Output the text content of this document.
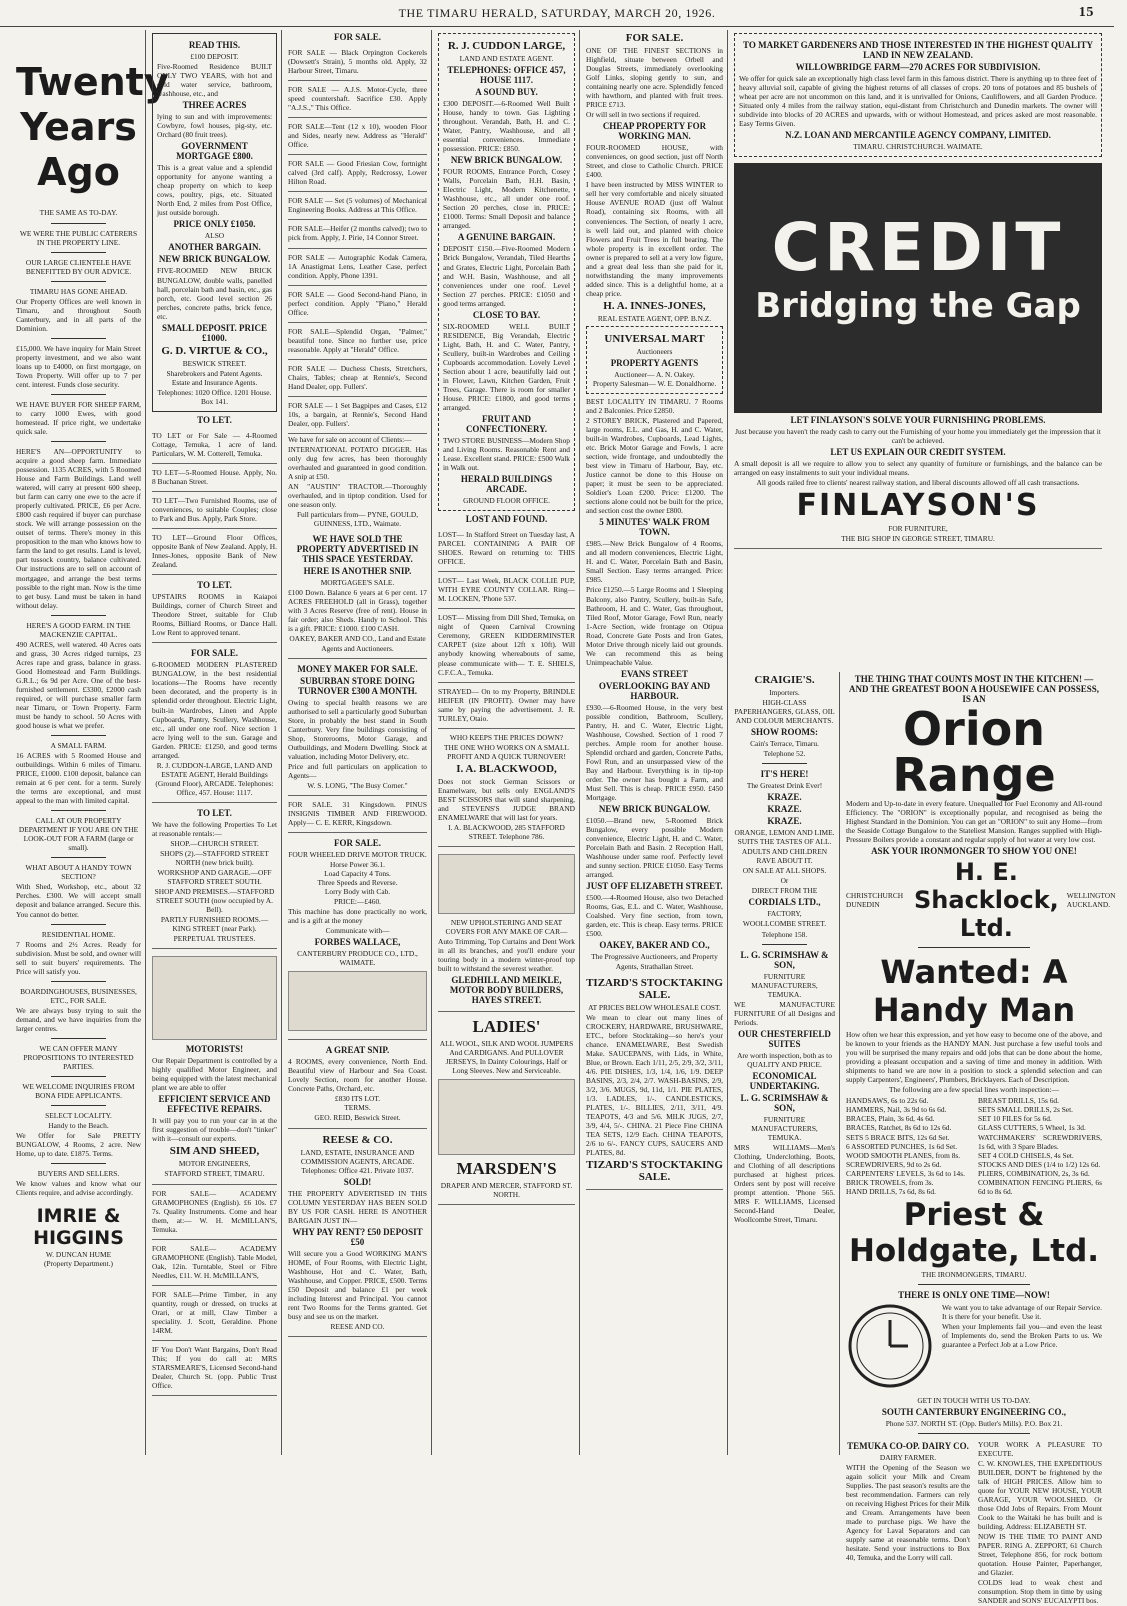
THE TIMARU HERALD, SATURDAY, MARCH 20, 1926.	15
Twenty
Years
Ago
THE SAME AS TO-DAY.
WE WERE THE PUBLIC CATERERS IN THE PROPERTY LINE.
OUR LARGE CLIENTELE HAVE BENEFITTED BY OUR ADVICE.
TIMARU HAS GONE AHEAD.
Our Property Offices are well known in Timaru, and throughout South Canterbury, and in all parts of the Dominion.
£15,000. We have inquiry for Main Street property investment, and we also want loans up to £4000, on first mortgage, on Town Property. Will offer up to 7 per cent. interest. Funds close security.
WE HAVE BUYER FOR SHEEP FARM, to carry 1000 Ewes, with good homestead. If price right, we undertake quick sale.
HERE'S AN—OPPORTUNITY to acquire a good sheep farm. Immediate possession. 1135 ACRES, with 5 Roomed House and Farm Buildings. Land well watered, will carry at present 600 sheep, but farm can carry one ewe to the acre if properly cultivated. PRICE, £6 per Acre. £800 cash required if buyer can purchase stock. We will arrange possession on the outset of terms. There's money in this proposition to the man who knows how to farm the land to get results. Land is level, part tussock country, balance cultivated. Our instructions are to sell on account of mortgagee, and arrange the best terms possible to the right man. Now is the time to get busy. Land must be taken in hand without delay.
HERE'S A GOOD FARM. IN THE MACKENZIE CAPITAL.
490 ACRES, well watered. 40 Acres oats and grass, 30 Acres ridged turnips, 23 Acres rape and grass, balance in grass. Good Homestead and Farm Buildings. G.R.L.; 6s 9d per Acre. One of the best-furnished settlement. £3300, £2000 cash required, or will purchase smaller farm near Timaru, or Town Property. Farm must be handy to school. 50 Acres with good house is what we prefer.
A SMALL FARM.
16 ACRES with 5 Roomed House and outbuildings. Within 6 miles of Timaru. PRICE, £1000. £100 deposit, balance can remain at 6 per cent. for a term. Surely the terms are exceptional, and must appeal to the man with limited capital.
CALL AT OUR PROPERTY DEPARTMENT IF YOU ARE ON THE LOOK-OUT FOR A FARM (large or small).
WHAT ABOUT A HANDY TOWN SECTION?
With Shed, Workshop, etc., about 32 Perches. £300. We will accept small deposit and balance arranged. Secure this. You cannot do better.
RESIDENTIAL HOME.
7 Rooms and 2½ Acres. Ready for subdivision. Must be sold, and owner will sell to suit buyers' requirements. The Price will satisfy you.
BOARDINGHOUSES, BUSINESSES, ETC., FOR SALE.
We are always busy trying to suit the demand, and we have inquiries from the larger centres.
WE CAN OFFER MANY PROPOSITIONS TO INTERESTED PARTIES.
WE WELCOME INQUIRIES FROM BONA FIDE APPLICANTS.
SELECT LOCALITY.
Handy to the Beach.
We Offer for Sale PRETTY BUNGALOW, 4 Rooms, 2 acre. New Home, up to date. £1875. Terms.
BUYERS AND SELLERS.
We know values and know what our Clients require, and advise accordingly.
IMRIE & HIGGINS
W. DUNCAN HUME
(Property Department.)
READ THIS.
£100 DEPOSIT.
Five-Roomed Residence BUILT ONLY TWO YEARS, with hot and cold water service, bathroom, washhouse, etc., and
THREE ACRES
lying to sun and with improvements: Cowbyre, fowl houses, pig-sty, etc. Orchard (80 fruit trees).
GOVERNMENT MORTGAGE £800.
This is a great value and a splendid opportunity for anyone wanting a cheap property on which to keep cows, poultry, pigs, etc. Situated North End, 2 miles from Post Office, just outside borough.
PRICE ONLY £1050.
ALSO
ANOTHER BARGAIN.
NEW BRICK BUNGALOW.
FIVE-ROOMED NEW BRICK BUNGALOW, double walls, panelled hall, porcelain bath and basin, etc., gas porch, etc. Good level section 26 perches, concrete paths, brick fence, etc.
SMALL DEPOSIT. PRICE £1000.
G. D. VIRTUE & CO.,
BESWICK STREET.
Sharebrokers and Patent Agents. Estate and Insurance Agents.
Telephones: 1020 Office. 1201 House. Box 141.
TO LET.
TO LET or For Sale — 4-Roomed Cottage, Temuka, 1 acre of land. Particulars, W. M. Cotterell, Temuka.
TO LET—5-Roomed House. Apply, No. 8 Buchanan Street.
TO LET—Two Furnished Rooms, use of conveniences, to suitable Couples; close to Park and Bus. Apply, Park Store.
TO LET—Ground Floor Offices, opposite Bank of New Zealand. Apply, H. Innes-Jones, opposite Bank of New Zealand.
TO LET.
UPSTAIRS ROOMS in Kaiapoi Buildings, corner of Church Street and Theodore Street, suitable for Club Rooms, Billiard Rooms, or Dance Hall. Low Rent to approved tenant.
FOR SALE.
6-ROOMED MODERN PLASTERED BUNGALOW, in the best residential locations—The Rooms have recently been decorated, and the property is in splendid order throughout. Electric Light, built-in Wardrobes, Linen and Apple Cupboards, Pantry, Scullery, Washhouse, etc., all under one roof. Nice section 1 acre lying well to the sun. Garage and Garden. PRICE: £1250, and good terms arranged.
R. J. CUDDON-LARGE, LAND AND ESTATE AGENT, Herald Buildings (Ground Floor), ARCADE. Telephones: Office, 457. House: 1117.
TO LET.
We have the following Properties To Let at reasonable rentals:—
SHOP.—CHURCH STREET.
SHOPS (2).—STAFFORD STREET NORTH (new brick built).
WORKSHOP AND GARAGE.—OFF STAFFORD STREET SOUTH.
SHOP AND PREMISES.—STAFFORD STREET SOUTH (now occupied by A. Bell).
PARTLY FURNISHED ROOMS.—KING STREET (near Park).
PERPETUAL TRUSTEES.
MOTORISTS!
Our Repair Department is controlled by a highly qualified Motor Engineer, and being equipped with the latest mechanical plant we are able to offer
EFFICIENT SERVICE AND EFFECTIVE REPAIRS.
It will pay you to run your car in at the first suggestion of trouble—don't "tinker" with it—consult our experts.
SIM AND SHEED,
MOTOR ENGINEERS,
STAFFORD STREET, TIMARU.
FOR SALE— ACADEMY GRAMOPHONES (English). £6 10s. £7 7s. Quality Instruments. Come and hear them, at:— W. H. McMILLAN'S, Temuka.
FOR SALE— ACADEMY GRAMOPHONE (English). Table Model, Oak, 12in. Turntable, Steel or Fibre Needles, £11. W. H. McMILLAN'S,
FOR SALE—Prime Timber, in any quantity, rough or dressed, on trucks at Orari, or at mill, Claw Timber a speciality. J. Scott, Geraldine. Phone 14RM.
IF You Don't Want Bargains, Don't Read This; If you do call at: MRS STARSMEARE'S, Licensed Second-hand Dealer, Church St. (opp. Public Trust Office.
FOR SALE.
FOR SALE — Black Orpington Cockerels (Dowsett's Strain), 5 months old. Apply, 32 Harbour Street, Timaru.
FOR SALE — A.J.S. Motor-Cycle, three speed countershaft. Sacrifice £30. Apply "A.J.S.," This Office.
FOR SALE—Tent (12 x 10), wooden Floor and Sides, nearly new. Address as "Herald" Office.
FOR SALE — Good Friesian Cow, fortnight calved (3rd calf). Apply, Redcrossy, Lower Hilton Road.
FOR SALE — Set (5 volumes) of Mechanical Engineering Books. Address at This Office.
FOR SALE—Heifer (2 months calved); two to pick from. Apply, J. Pirie, 14 Connor Street.
FOR SALE — Autographic Kodak Camera, 1A Anastigmat Lens, Leather Case, perfect condition. Apply, Phone 1391.
FOR SALE — Good Second-hand Piano, in perfect condition. Apply "Piano," Herald Office.
FOR SALE—Splendid Organ, "Palmer," beautiful tone. Since no further use, price reasonable. Apply at "Herald" Office.
FOR SALE — Duchess Chests, Stretchers, Chairs, Tables; cheap at Rennie's, Second Hand Dealer, opp. Fullers'.
FOR SALE — 1 Set Bagpipes and Cases, £12 10s, a bargain, at Rennie's, Second Hand Dealer, opp. Fullers'.
We have for sale on account of Clients:—
INTERNATIONAL POTATO DIGGER. Has only dug few acres, has been thoroughly overhauled and guaranteed in good condition. A snip at £50.
AN "AUSTIN" TRACTOR.—Thoroughly overhauled, and in tiptop condition. Used for one season only.
Full particulars from— PYNE, GOULD, GUINNESS, LTD., Waimate.
WE HAVE SOLD THE PROPERTY ADVERTISED IN THIS SPACE YESTERDAY.
HERE IS ANOTHER SNIP.
MORTGAGEE'S SALE.
£100 Down. Balance 6 years at 6 per cent. 17 ACRES FREEHOLD (all in Grass), together with 3 Acres Reserve (free of rent). House in fair order; also Sheds. Handy to School. This is a gift. PRICE: £1000. £100 CASH.
OAKEY, BAKER AND CO., Land and Estate Agents and Auctioneers.
MONEY MAKER FOR SALE.
SUBURBAN STORE DOING TURNOVER £300 A MONTH.
Owing to special health reasons we are authorised to sell a particularly good Suburban Store, in probably the best stand in South Canterbury. Very fine buildings consisting of Shop, Storerooms, Motor Garage, and Outbuildings, and Modern Dwelling. Stock at valuation, including Motor Delivery, etc.
Price and full particulars on application to Agents—
W. S. LONG, "The Busy Corner."
FOR SALE. 31 Kingsdown. PINUS INSIGNIS TIMBER AND FIREWOOD. Apply— C. E. KERR, Kingsdown.
FOR SALE.
FOUR WHEELED DRIVE MOTOR TRUCK.
Horse Power 36.1.
Load Capacity 4 Tons.
Three Speeds and Reverse.
Lorry Body with Cab.
PRICE:—£460.
This machine has done practically no work, and is a gift at the money
Communicate with—
FORBES WALLACE,
CANTERBURY PRODUCE CO., LTD., WAIMATE.
A GREAT SNIP.
4 ROOMS, every convenience, North End. Beautiful view of Harbour and Sea Coast. Lovely Section, room for another House. Concrete Paths, Orchard, etc.
£830 ITS LOT.
TERMS.
GEO. REID, Beswick Street.
REESE & CO.
LAND, ESTATE, INSURANCE AND COMMISSION AGENTS, ARCADE. Telephones: Office 421. Private 1037.
SOLD!
THE PROPERTY ADVERTISED IN THIS COLUMN YESTERDAY HAS BEEN SOLD BY US FOR CASH. HERE IS ANOTHER BARGAIN JUST IN—
WHY PAY RENT? £50 DEPOSIT £50
Will secure you a Good WORKING MAN'S HOME, of Four Rooms, with Electric Light, Washhouse, Hot and C. Water, Bath, Washhouse, and Copper. PRICE, £500. Terms £50 Deposit and balance £1 per week including Interest and Principal. You cannot rent Two Rooms for the Terms granted. Get busy and see us on the market.
REESE AND CO.
R. J. CUDDON LARGE,
LAND AND ESTATE AGENT.
TELEPHONES: OFFICE 457, HOUSE 1117.
A SOUND BUY.
£300 DEPOSIT.—6-Roomed Well Built House, handy to town. Gas Lighting throughout. Verandah, Bath, H. and C. Water, Pantry, Washhouse, and all essential conveniences. Immediate possession. PRICE: £850.
NEW BRICK BUNGALOW.
FOUR ROOMS, Entrance Porch, Cosey Walls, Porcelain Bath, H.H. Basin, Electric Light, Modern Kitchenette, Washhouse, etc., all under one roof. Section 20 perches, close in. PRICE: £1000. Terms: Small Deposit and balance arranged.
A GENUINE BARGAIN.
DEPOSIT £150.—Five-Roomed Modern Brick Bungalow, Verandah, Tiled Hearths and Grates, Electric Light, Porcelain Bath and W.H. Basin, Washhouse, and all conveniences under one roof. Level Section 27 perches. PRICE: £1050 and good terms arranged.
CLOSE TO BAY.
SIX-ROOMED WELL BUILT RESIDENCE, Big Verandah, Electric Light, Bath, H. and C. Water, Pantry, Scullery, built-in Wardrobes and Ceiling Cupboards accommodation. Lovely Level Section about 1 acre, beautifully laid out in Flower, Lawn, Kitchen Garden, Fruit Trees, Garage. There is room for smaller House. PRICE: £1800, and good terms arranged.
FRUIT AND CONFECTIONERY.
TWO STORE BUSINESS—Modern Shop and Living Rooms. Reasonable Rent and Lease. Excellent stand. PRICE: £500 Walk in Walk out.
HERALD BUILDINGS ARCADE.
GROUND FLOOR OFFICE.
LOST AND FOUND.
LOST— In Stafford Street on Tuesday last, A PARCEL CONTAINING A PAIR OF SHOES. Reward on returning to: THIS OFFICE.
LOST— Last Week, BLACK COLLIE PUP, WITH EYRE COUNTY COLLAR. Ring— M. LOCKEN, 'Phone 537.
LOST— Missing from Dill Shed, Temuka, on night of Queen Carnival Crowning Ceremony, GREEN KIDDERMINSTER CARPET (size about 12ft x 10ft). Will anybody knowing whereabouts of same, please communicate with— T. E. SHIELS, C.F.C.A., Temuka.
STRAYED— On to my Property, BRINDLE HEIFER (IN PROFIT). Owner may have same by paying the advertisement. J. R. TURLEY, Otaio.
WHO KEEPS THE PRICES DOWN?
THE ONE WHO WORKS ON A SMALL PROFIT AND A QUICK TURNOVER!
I. A. BLACKWOOD,
Does not stock German Scissors or Enamelware, but sells only ENGLAND'S BEST SCISSORS that will stand sharpening, and STEVENS'S JUDGE BRAND ENAMELWARE that will last for years.
I. A. BLACKWOOD, 285 STAFFORD STREET. Telephone 786.
NEW UPHOLSTERING AND SEAT COVERS FOR ANY MAKE OF CAR—
Auto Trimming, Top Curtains and Dent Work in all its branches, and you'll endure your touring body in a modern winter-proof top built to withstand the severest weather.
GLEDHILL AND MEIKLE, MOTOR BODY BUILDERS, HAYES STREET.
LADIES'
ALL WOOL, SILK AND WOOL JUMPERS And CARDIGANS. And PULLOVER JERSEYS, In Dainty Colourings, Half or Long Sleeves. New and Serviceable.
MARSDEN'S
DRAPER AND MERCER, STAFFORD ST. NORTH.
FOR SALE.
ONE OF THE FINEST SECTIONS in Highfield, situate between Orbell and Douglas Streets, immediately overlooking Golf Links, sloping gently to sun, and containing nearly one acre. Splendidly fenced with hawthorn, and planted with fruit trees. PRICE £713.
Or will sell in two sections if required.
CHEAP PROPERTY FOR WORKING MAN.
FOUR-ROOMED HOUSE, with conveniences, on good section, just off North Street, and close to Catholic Church. PRICE £400.
I have been instructed by MISS WINTER to sell her very comfortable and nicely situated House AVENUE ROAD (just off Walnut Road), containing six Rooms, with all conveniences. The Section, of nearly 1 acre, is well laid out, and planted with choice Flowers and Fruit Trees in full bearing. The whole property is in excellent order. The owner is prepared to sell at a very low figure, and a great deal less than she paid for it, notwithstanding the many improvements added since. This is a delightful home, at a cheap price.
H. A. INNES-JONES,
REAL ESTATE AGENT, OPP. B.N.Z.
UNIVERSAL MART
Auctioneers
PROPERTY AGENTS
Auctioneer— A. N. Oakey.
Property Salesman— W. E. Donaldhorne.
BEST LOCALITY IN TIMARU. 7 Rooms and 2 Balconies. Price £2850.
2 STOREY BRICK, Plastered and Papered, large rooms, E.L. and Gas, H. and C. Water, built-in Wardrobes, Cupboards, Lead Lights, etc. Brick Motor Garage and Fowls, 1 acre section, wide frontage, and undoubtedly the best view in Timaru of Harbour, Bay, etc. Justice cannot be done to this House on paper; it must be seen to be appreciated. Soldier's Loan £200. Price: £1200. The sections alone could not be built for the price, and section cost the owner £800.
5 MINUTES' WALK FROM TOWN.
£985.—New Brick Bungalow of 4 Rooms, and all modern conveniences, Electric Light, H. and C. Water, Porcelain Bath and Basin, Small Section. Easy terms arranged. Price: £985.
Price £1250.—5 Large Rooms and 1 Sleeping Balcony, also Pantry, Scullery, built-in Safe, Bathroom, H. and C. Water, Gas throughout, Tiled Roof, Motor Garage, Fowl Run, nearly 1-Acre Section, wide frontage on Otipua Road, Concrete Gate Posts and Iron Gates, Motor Drive through nicely laid out grounds. We can recommend this as being Unimpeachable Value.
EVANS STREET
OVERLOOKING BAY AND HARBOUR.
£930.—6-Roomed House, in the very best possible condition, Bathroom, Scullery, Pantry, H. and C. Water, Electric Light, Washhouse, Cowshed. Section of 1 rood 7 perches. Ample room for another house. Splendid orchard and garden, Concrete Paths, Fowl Run, and an unsurpassed view of the Bay and Harbour. Everything is in tip-top order. The owner has bought a Farm, and Must Sell. This is cheap. PRICE £950. £450 Mortgage.
NEW BRICK BUNGALOW.
£1050.—Brand new, 5-Roomed Brick Bungalow, every possible Modern convenience, Electric Light, H. and C. Water, Porcelain Bath and Basin. 2 Reception Hall, Washhouse under same roof. Perfectly level and sunny section. PRICE £1050. Easy Terms arranged.
JUST OFF ELIZABETH STREET.
£500.—4-Roomed House, also two Detached Rooms, Gas, E.L. and C. Water, Washhouse, Coalshed. Very fine section, from town, garden, etc. This is cheap. Easy terms. PRICE £500.
OAKEY, BAKER AND CO.,
The Progressive Auctioneers, and Property Agents, Strathallan Street.
TIZARD'S STOCKTAKING SALE.
AT PRICES BELOW WHOLESALE COST.
We mean to clear out many lines of CROCKERY, HARDWARE, BRUSHWARE, ETC., before Stocktaking—so here's your chance. ENAMELWARE, Best Swedish Make. SAUCEPANS, with Lids, in White, Blue, or Brown. Each 1/11, 2/5, 2/9, 3/2, 3/11, 4/6. PIE DISHES, 1/3, 1/4, 1/6, 1/9. DEEP BASINS, 2/3, 2/4, 2/7. WASH-BASINS, 2/9, 3/2, 3/6. MUGS, 9d, 11d, 1/1. PIE PLATES, 1/3. LADLES, 1/-. CANDLESTICKS, PLATES, 1/-. BILLIES, 2/11, 3/11, 4/9. TEAPOTS, 4/3 and 5/6. MILK JUGS, 2/7, 3/9, 4/4, 5/-. CHINA. 21 Piece Fine CHINA TEA SETS, 12/9 Each. CHINA TEAPOTS, 2/6 to 6/-. FANCY CUPS, SAUCERS AND PLATES, 8d.
TIZARD'S STOCKTAKING SALE.
TO MARKET GARDENERS AND THOSE INTERESTED IN THE HIGHEST QUALITY LAND IN NEW ZEALAND.
WILLOWBRIDGE FARM—270 ACRES FOR SUBDIVISION.
We offer for quick sale an exceptionally high class level farm in this famous district. There is anything up to three feet of heavy alluvial soil, capable of giving the highest returns of all classes of crops. 20 tons of potatoes and 85 bushels of wheat per acre are not uncommon on this land, and it is unrivalled for Onions, Cauliflowers, and all Garden Produce. Situated only 4 miles from the railway station, equi-distant from Christchurch and Dunedin markets. The owner will subdivide into blocks of 20 ACRES and upwards, with or without Homestead, and prices asked are most reasonable. Easy Terms Given.
N.Z. LOAN AND MERCANTILE AGENCY COMPANY, LIMITED.
TIMARU. CHRISTCHURCH. WAIMATE.
CREDIT
Bridging the Gap
LET FINLAYSON'S SOLVE YOUR FURNISHING PROBLEMS.
Just because you haven't the ready cash to carry out the Furnishing of your home you immediately get the impression that it can't be achieved.
LET US EXPLAIN OUR CREDIT SYSTEM.
A small deposit is all we require to allow you to select any quantity of furniture or furnishings, and the balance can be arranged on easy instalments to suit your individual means.
All goods railed free to clients' nearest railway station, and liberal discounts allowed off all cash transactions.
FINLAYSON'S
FOR FURNITURE,
THE BIG SHOP IN GEORGE STREET, TIMARU.
CRAIGIE'S.
Importers.
HIGH-CLASS PAPERHANGERS, GLASS, OIL AND COLOUR MERCHANTS.
SHOW ROOMS:
Cain's Terrace, Timaru.
Telephone 52.
IT'S HERE!
The Greatest Drink Ever!
KRAZE.
KRAZE.
KRAZE.
ORANGE, LEMON AND LIME. SUITS THE TASTES OF ALL.
ADULTS AND CHILDREN RAVE ABOUT IT.
ON SALE AT ALL SHOPS.
Or
DIRECT FROM THE
CORDIALS LTD.,
FACTORY,
WOOLLCOMBE STREET.
Telephone 158.
L. G. SCRIMSHAW & SON,
FURNITURE MANUFACTURERS, TEMUKA.
WE MANUFACTURE FURNITURE Of all Designs and Periods.
OUR CHESTERFIELD SUITES
Are worth inspection, both as to QUALITY AND PRICE.
ECONOMICAL UNDERTAKING.
L. G. SCRIMSHAW & SON,
FURNITURE MANUFACTURERS, TEMUKA.
MRS WILLIAMS—Men's Clothing, Underclothing, Boots, and Clothing of all descriptions purchased at highest prices. Orders sent by post will receive prompt attention. 'Phone 565. MRS F. WILLIAMS, Licensed Second-Hand Dealer, Woollcombe Street, Timaru.
THE THING THAT COUNTS MOST IN THE KITCHEN! —AND THE GREATEST BOON A HOUSEWIFE CAN POSSESS, IS AN
Orion Range
Modern and Up-to-date in every feature. Unequalled for Fuel Economy and All-round Efficiency. The "ORION" is exceptionally popular, and recognised as being the Highest Standard in the Dominion. You can get an "ORION" to suit any Home—from the Seaside Cottage Bungalow to the Stateliest Mansion. Ranges supplied with High-Pressure Boilers provide a constant and regular supply of hot water at very low cost.
ASK YOUR IRONMONGER TO SHOW YOU ONE!
CHRISTCHURCH
DUNEDIN
H. E. Shacklock, Ltd.
WELLINGTON
AUCKLAND.
Wanted: A Handy Man
How often we hear this expression, and yet how easy to become one of the above, and be known to your friends as the HANDY MAN. Just purchase a few useful tools and you will be surprised the many repairs and odd jobs that can be done about the home, providing a pleasant occupation and a saving of time and money in addition. With shipments to hand we are now in a position to stock a splendid selection and can supply Carpenters', Engineers', Plumbers, Bricklayers. Each of Description.
The following are a few special lines worth inspection:—
HANDSAWS, 6s to 22s 6d.
HAMMERS, Nail, 3s 9d to 6s 6d.
BRACES, Plain, 3s 6d, 4s 6d.
BRACES, Ratchet, 8s 6d to 12s 6d.
SETS 5 BRACE BITS, 12s 6d Set.
6 ASSORTED PUNCHES, 1s 6d Set.
WOOD SMOOTH PLANES, from 8s.
SCREWDRIVERS, 9d to 2s 6d.
CARPENTERS' LEVELS, 3s 6d to 14s.
BRICK TROWELS, from 3s.
HAND DRILLS, 7s 6d, 8s 6d.
BREAST DRILLS, 15s 6d.
SETS SMALL DRILLS, 2s Set.
SET 10 FILES for 5s 6d.
GLASS CUTTERS, 5 Wheel, 1s 3d.
WATCHMAKERS' SCREWDRIVERS, 1s 6d, with 3 Spare Blades.
SET 4 COLD CHISELS, 4s Set.
STOCKS AND DIES (1/4 to 1/2) 12s 6d.
PLIERS, COMBINATION, 2s, 3s 6d.
COMBINATION FENCING PLIERS, 6s 6d to 8s 6d.
Priest & Holdgate, Ltd.
THE IRONMONGERS, TIMARU.
THERE IS ONLY ONE TIME—NOW!
We want you to take advantage of our Repair Service. It is there for your benefit. Use it.
When your Implements fail you—and even the least of Implements do, send the Broken Parts to us. We guarantee a Perfect Job at a Low Price.
GET IN TOUCH WITH US TO-DAY.
SOUTH CANTERBURY ENGINEERING CO.,
Phone 537. NORTH ST. (Opp. Butler's Mills). P.O. Box 21.
TEMUKA CO-OP. DAIRY CO.
DAIRY FARMER.
WITH the Opening of the Season we again solicit your Milk and Cream Supplies. The past season's results are the best recommendation. Farmers can rely on receiving Highest Prices for their Milk and Cream. Arrangements have been made to purchase pigs. We have the Agency for Laval Separators and can supply same at reasonable terms. Don't hesitate. Send your instructions to Box 40, Temuka, and the Lorry will call.
YOUR WORK A PLEASURE TO EXECUTE.
C. W. KNOWLES, THE EXPEDITIOUS BUILDER, DON'T be frightened by the talk of HIGH PRICES. Allow him to quote for YOUR NEW HOUSE, YOUR GARAGE, YOUR WOOLSHED. Or those Odd Jobs of Repairs. From Mount Cook to the Waitaki he has built and is building. Address: ELIZABETH ST.
NOW IS THE TIME TO PAINT AND PAPER. RING A. ZEPPORT, 61 Church Street, Telephone 856, for rock bottom quotation. House Painter, Paperhanger, and Glazier.
COLDS lead to weak chest and consumption. Stop them in time by using SANDER and SONS' EUCALYPTI bos.
